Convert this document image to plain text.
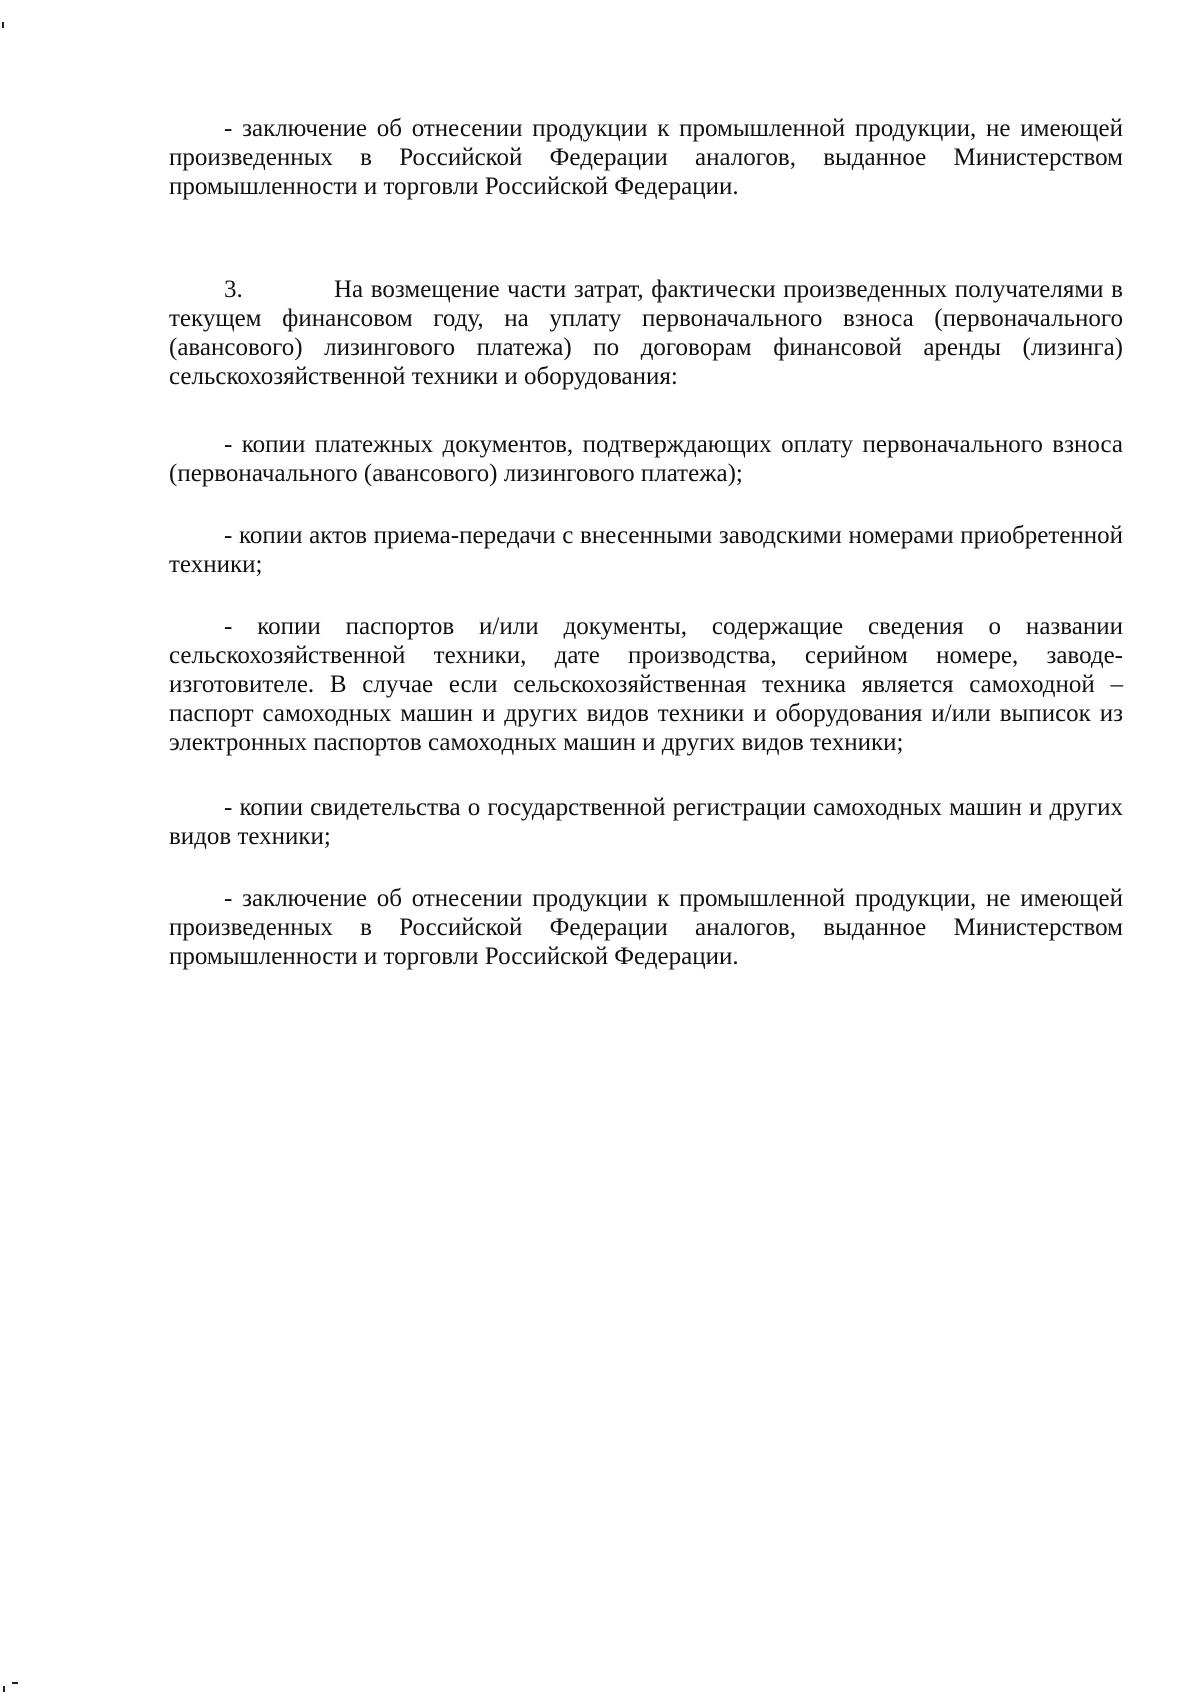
- заключение об отнесении продукции к промышленной продукции, не имеющей произведенных в Российской Федерации аналогов, выданное Министерством промышленности и торговли Российской Федерации.

3.	На возмещение части затрат, фактически произведенных получателями в текущем финансовом году, на уплату первоначального взноса (первоначального (авансового) лизингового платежа) по договорам финансовой аренды (лизинга) сельскохозяйственной техники и оборудования:

- копии платежных документов, подтверждающих оплату первоначального взноса (первоначального (авансового) лизингового платежа);

- копии актов приема-передачи с внесенными заводскими номерами приобретенной техники;

- копии паспортов и/или документы, содержащие сведения о названии сельскохозяйственной техники, дате производства, серийном номере, заводе-изготовителе. В случае если сельскохозяйственная техника является самоходной – паспорт самоходных машин и других видов техники и оборудования и/или выписок из электронных паспортов самоходных машин и других видов техники;

- копии свидетельства о государственной регистрации самоходных машин и других видов техники;

- заключение об отнесении продукции к промышленной продукции, не имеющей произведенных в Российской Федерации аналогов, выданное Министерством промышленности и торговли Российской Федерации.
